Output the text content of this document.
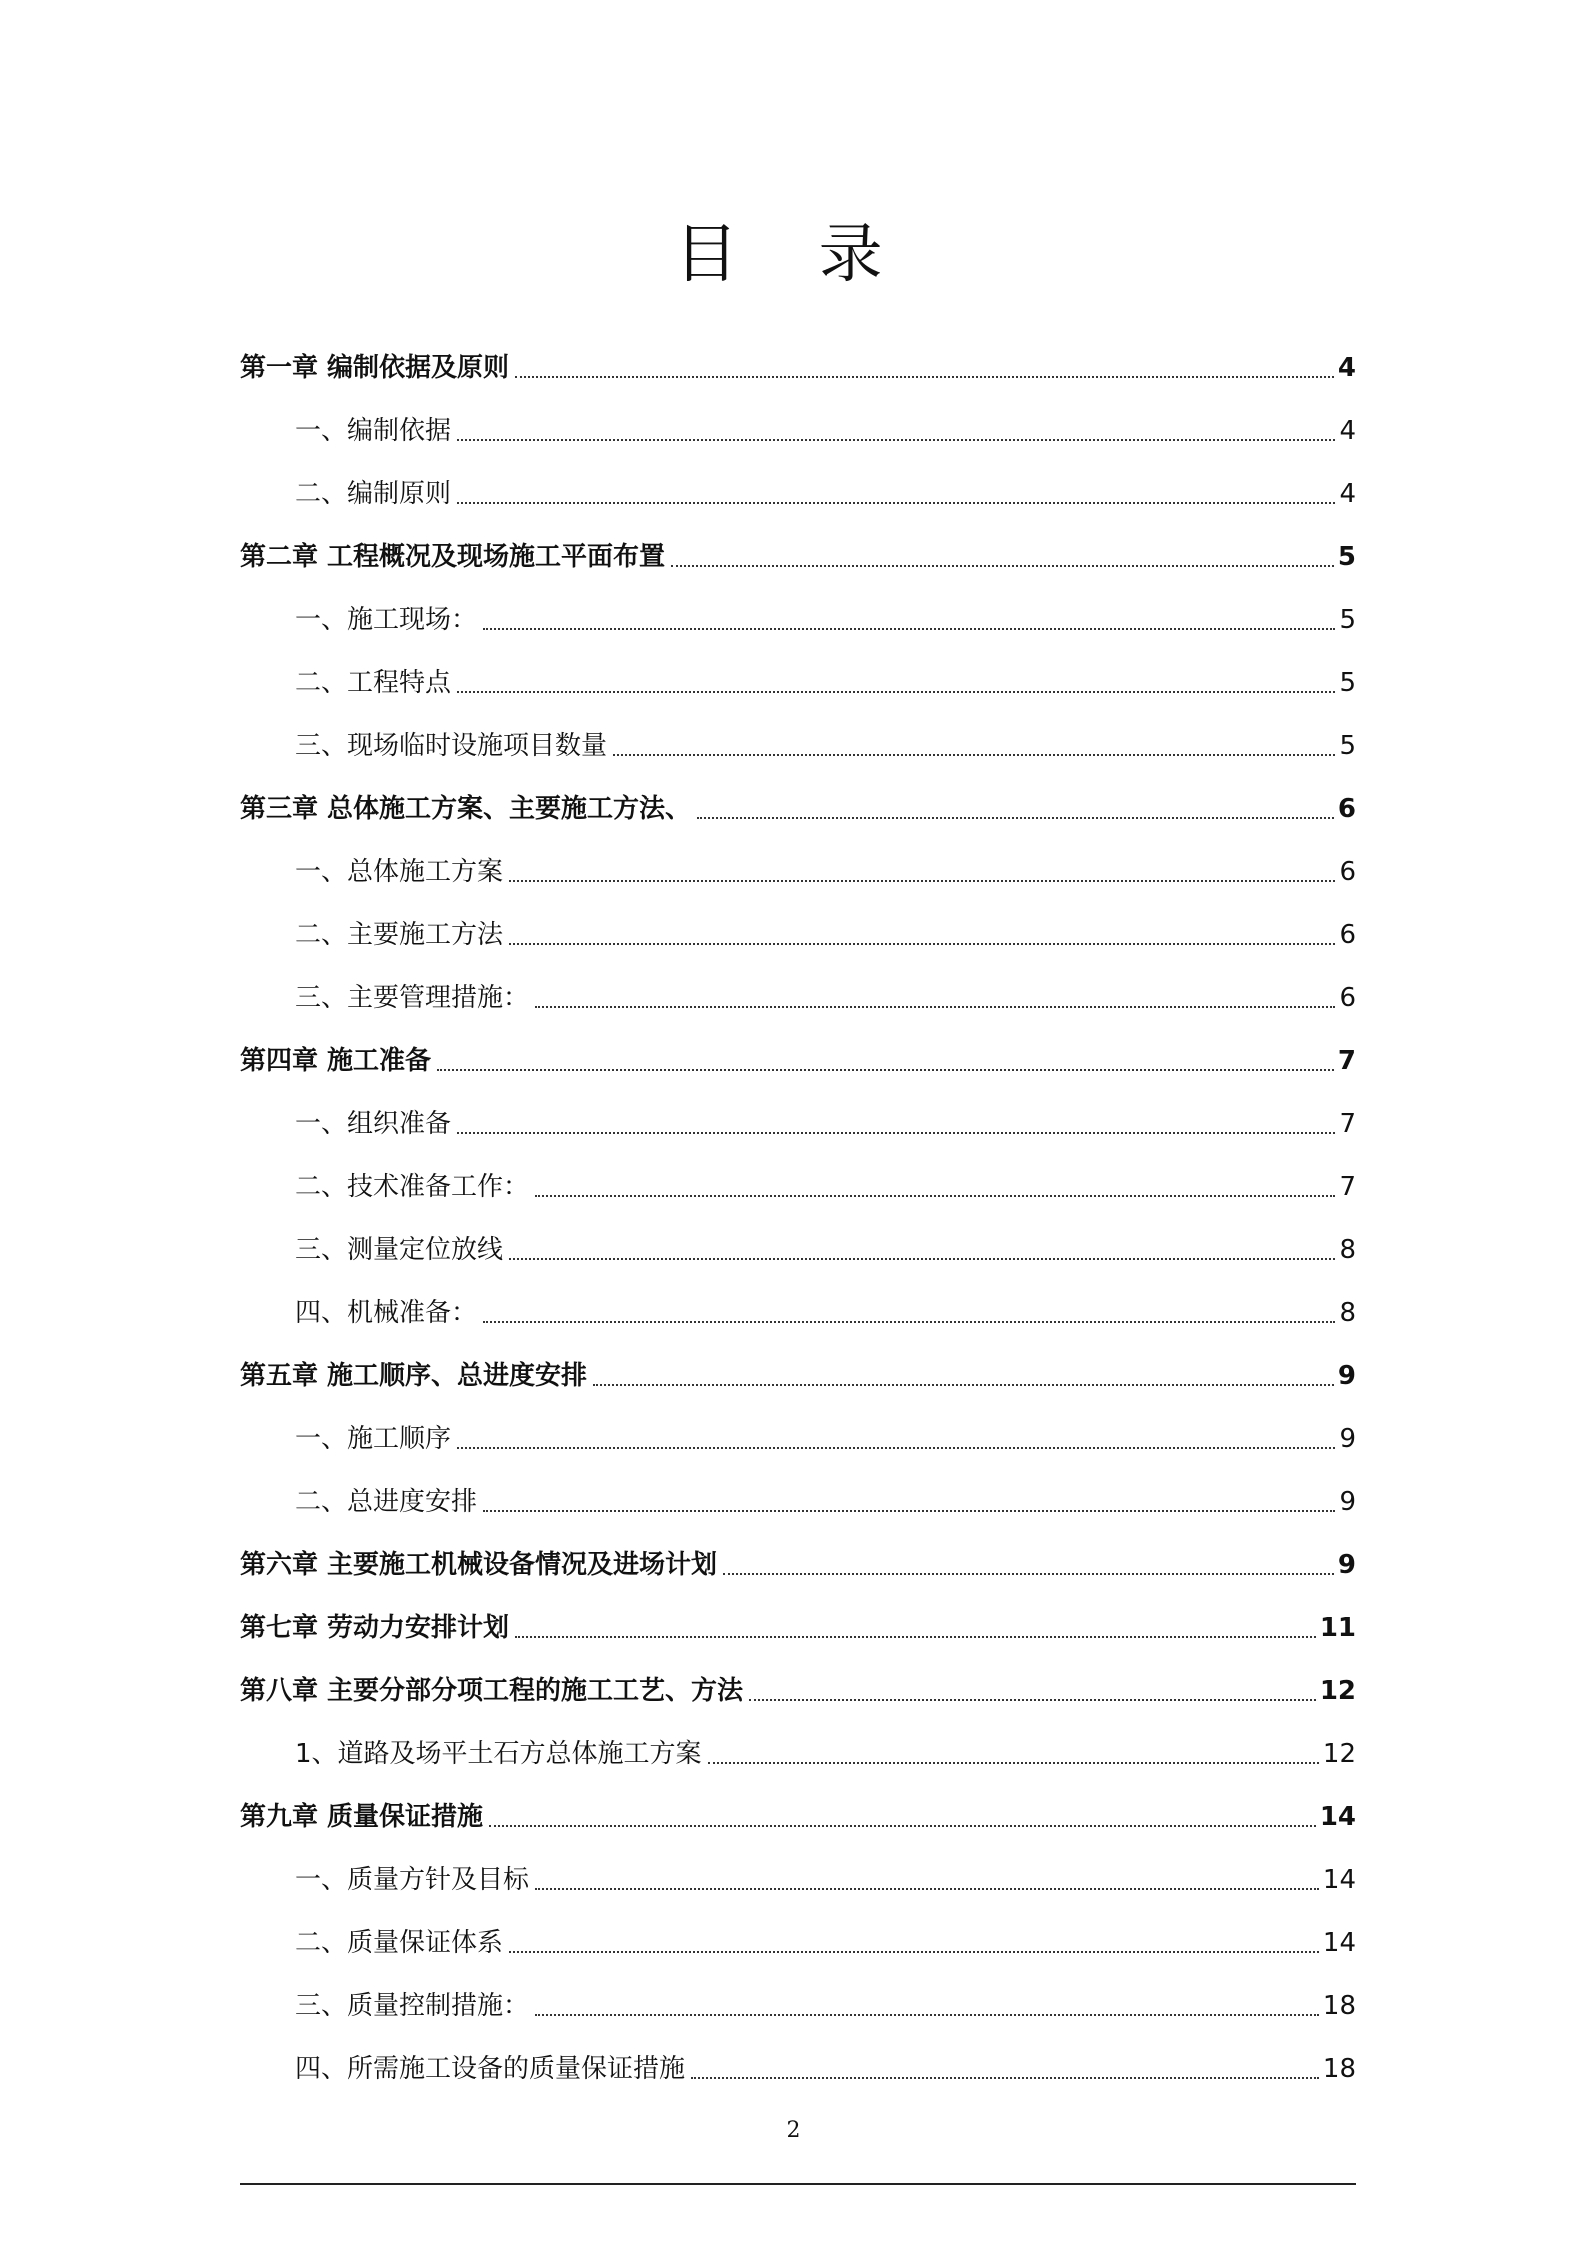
目 录
第一章 编制依据及原则	4
一、编制依据	4
二、编制原则	4
第二章 工程概况及现场施工平面布置	5
一、施工现场：	5
二、工程特点	5
三、现场临时设施项目数量	5
第三章 总体施工方案、主要施工方法、	6
一、总体施工方案	6
二、主要施工方法	6
三、主要管理措施：	6
第四章 施工准备	7
一、组织准备	7
二、技术准备工作：	7
三、测量定位放线	8
四、机械准备：	8
第五章 施工顺序、总进度安排	9
一、施工顺序	9
二、总进度安排	9
第六章 主要施工机械设备情况及进场计划	9
第七章 劳动力安排计划	11
第八章 主要分部分项工程的施工工艺、方法	12
1、道路及场平土石方总体施工方案	12
第九章 质量保证措施	14
一、质量方针及目标	14
二、质量保证体系	14
三、质量控制措施：	18
四、所需施工设备的质量保证措施	18
2
